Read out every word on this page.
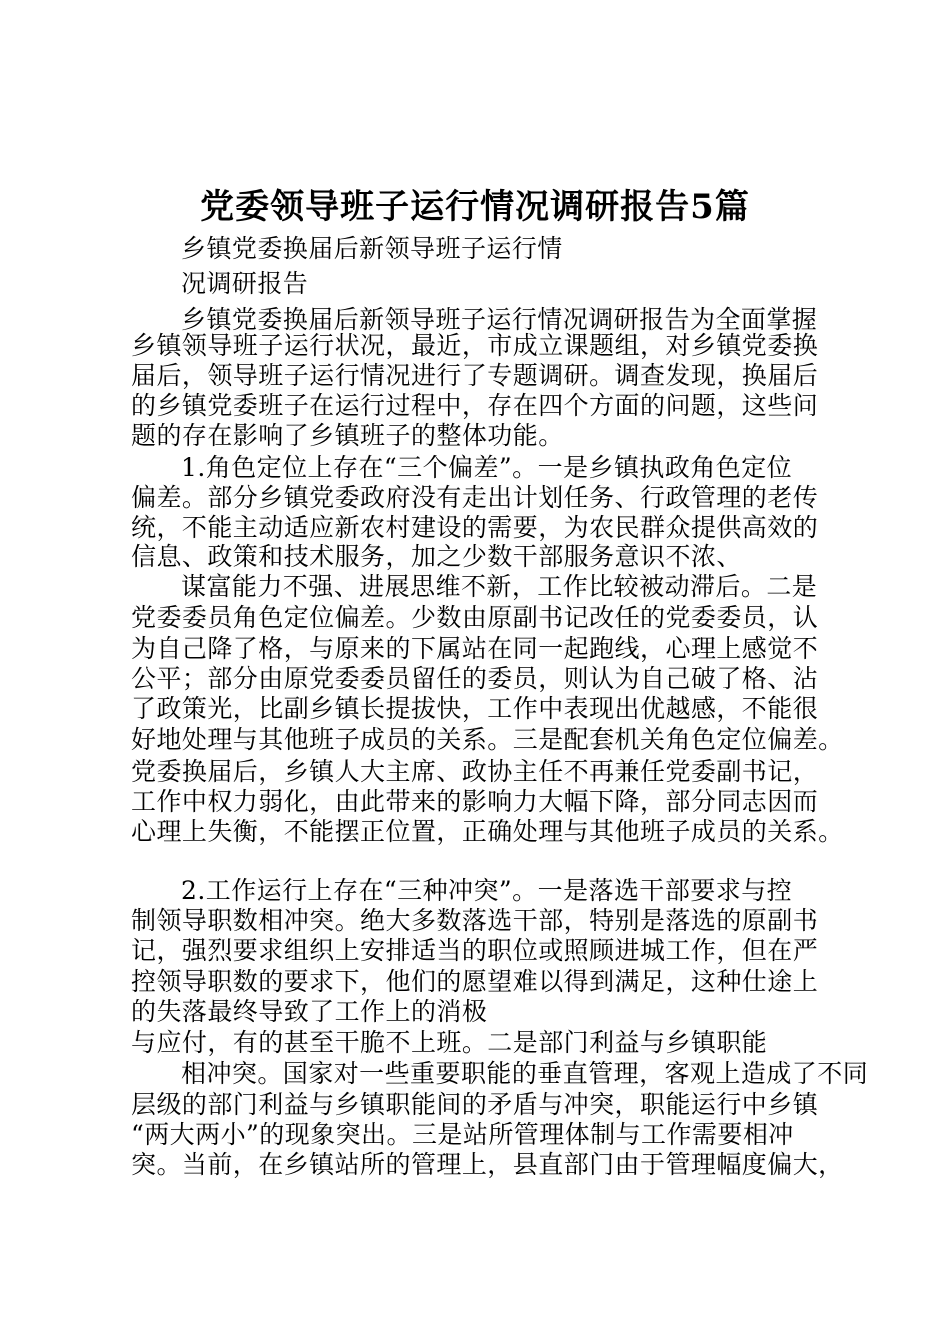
党委领导班子运行情况调研报告5篇
乡镇党委换届后新领导班子运行情
况调研报告
乡镇党委换届后新领导班子运行情况调研报告为全面掌握
乡镇领导班子运行状况，最近，市成立课题组，对乡镇党委换
届后，领导班子运行情况进行了专题调研。调查发现，换届后
的乡镇党委班子在运行过程中，存在四个方面的问题，这些问
题的存在影响了乡镇班子的整体功能。
1.角色定位上存在“三个偏差”。一是乡镇执政角色定位
偏差。部分乡镇党委政府没有走出计划任务、行政管理的老传
统，不能主动适应新农村建设的需要，为农民群众提供高效的
信息、政策和技术服务，加之少数干部服务意识不浓、
谋富能力不强、进展思维不新，工作比较被动滞后。二是
党委委员角色定位偏差。少数由原副书记改任的党委委员，认
为自己降了格，与原来的下属站在同一起跑线，心理上感觉不
公平；部分由原党委委员留任的委员，则认为自己破了格、沾
了政策光，比副乡镇长提拔快，工作中表现出优越感，不能很
好地处理与其他班子成员的关系。三是配套机关角色定位偏差。
党委换届后，乡镇人大主席、政协主任不再兼任党委副书记，
工作中权力弱化，由此带来的影响力大幅下降，部分同志因而
心理上失衡，不能摆正位置，正确处理与其他班子成员的关系。
2.工作运行上存在“三种冲突”。一是落选干部要求与控
制领导职数相冲突。绝大多数落选干部，特别是落选的原副书
记，强烈要求组织上安排适当的职位或照顾进城工作，但在严
控领导职数的要求下，他们的愿望难以得到满足，这种仕途上
的失落最终导致了工作上的消极
与应付，有的甚至干脆不上班。二是部门利益与乡镇职能
相冲突。国家对一些重要职能的垂直管理，客观上造成了不同
层级的部门利益与乡镇职能间的矛盾与冲突，职能运行中乡镇
“两大两小”的现象突出。三是站所管理体制与工作需要相冲
突。当前，在乡镇站所的管理上，县直部门由于管理幅度偏大，
